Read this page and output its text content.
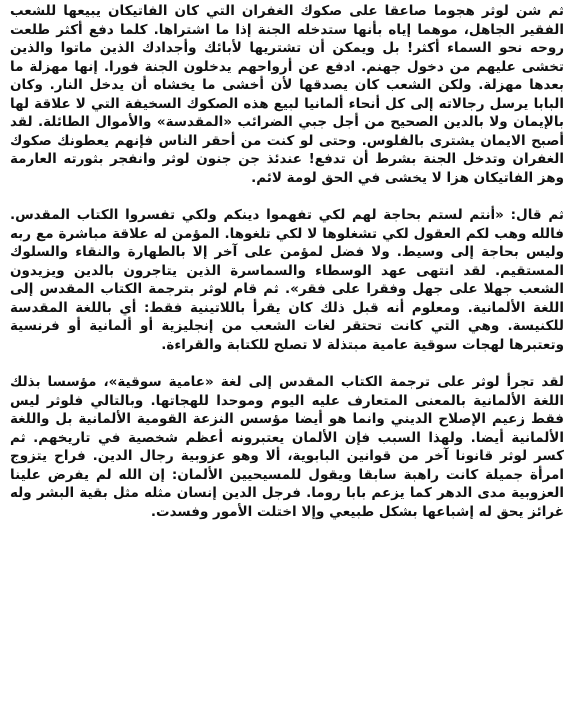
ثم شن لوثر هجوما صاعقا على صكوك الغفران التي كان الفاتيكان يبيعها للشعب الفقير الجاهل، موهما إياه بأنها ستدخله الجنة إذا ما اشتراها. كلما دفع أكثر طلعت روحه نحو السماء أكثر! بل ويمكن أن تشتريها لأبائك وأجدادك الذين ماتوا والذين تخشى عليهم من دخول جهنم. ادفع عن أرواحهم يدخلون الجنة فورا. إنها مهزلة ما بعدها مهزلة. ولكن الشعب كان يصدقها لأن أخشى ما يخشاه أن يدخل النار. وكان البابا يرسل رجالاته إلى كل أنحاء ألمانيا لبيع هذه الصكوك السخيفة التي لا علاقة لها بالإيمان ولا بالدين الصحيح من أجل جبي الضرائب «المقدسة» والأموال الطائلة. لقد أصبح الايمان يشترى بالفلوس. وحتى لو كنت من أحقر الناس فإنهم يعطونك صكوك الغفران وتدخل الجنة بشرط أن تدفع! عندئذ جن جنون لوثر وانفجر بثورته العارمة وهز الفاتيكان هزا لا يخشى في الحق لومة لائم.

ثم قال: «أنتم لستم بحاجة لهم لكي تفهموا دينكم ولكي تفسروا الكتاب المقدس. فالله وهب لكم العقول لكي تشغلوها لا لكي تلغوها. المؤمن له علاقة مباشرة مع ربه وليس بحاجة إلى وسيط. ولا فضل لمؤمن على آخر إلا بالطهارة والنقاء والسلوك المستقيم. لقد انتهى عهد الوسطاء والسماسرة الذين يتاجرون بالدين ويزيدون الشعب جهلا على جهل وفقرا على فقر». ثم قام لوثر بترجمة الكتاب المقدس إلى اللغة الألمانية. ومعلوم أنه قبل ذلك كان يقرأ باللاتينية فقط: أي باللغة المقدسة للكنيسة. وهي التي كانت تحتقر لغات الشعب من إنجليزية أو ألمانية أو فرنسية وتعتبرها لهجات سوقية عامية مبتذلة لا تصلح للكتابة والقراءة.

لقد تجرأ لوثر على ترجمة الكتاب المقدس إلى لغة «عامية سوقية»، مؤسسا بذلك اللغة الألمانية بالمعنى المتعارف عليه اليوم وموحدا للهجاتها. وبالتالي فلوثر ليس فقط زعيم الإصلاح الديني وانما هو أيضا مؤسس النزعة القومية الألمانية بل واللغة الألمانية أيضا. ولهذا السبب فإن الألمان يعتبرونه أعظم شخصية في تاريخهم. ثم كسر لوثر قانونا آخر من قوانين البابوية، ألا وهو عزوبية رجال الدين. فراح يتزوج امرأة جميلة كانت راهبة سابقا ويقول للمسيحيين الألمان: إن الله لم يفرض علينا العزوبية مدى الدهر كما يزعم بابا روما. فرجل الدين إنسان مثله مثل بقية البشر وله غرائز يحق له إشباعها بشكل طبيعي وإلا اختلت الأمور وفسدت.
